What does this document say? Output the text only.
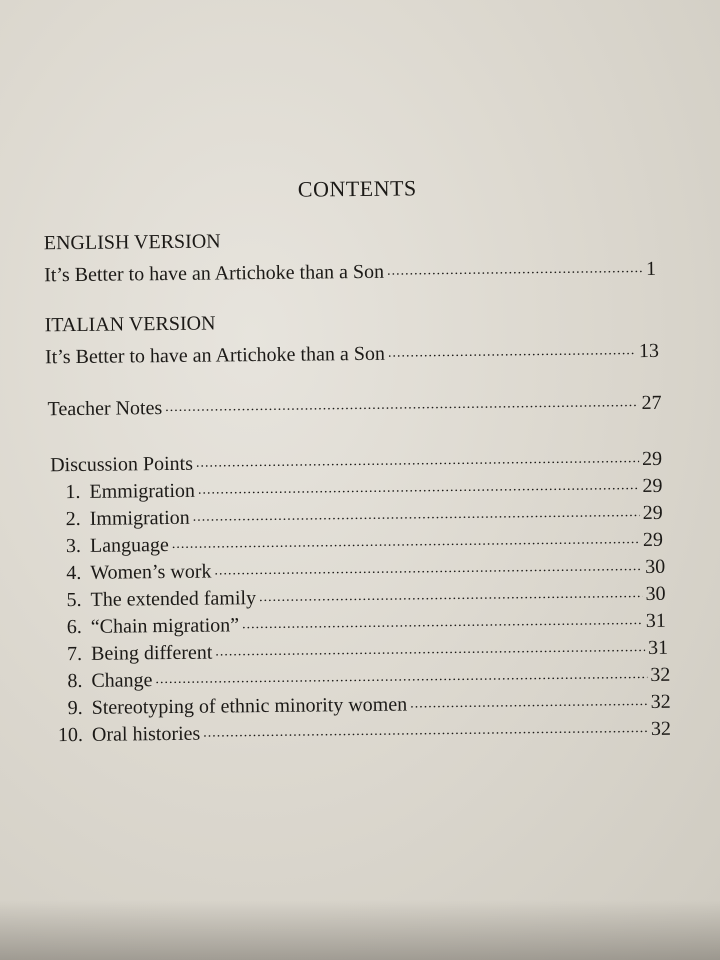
CONTENTS
ENGLISH VERSION
It’s Better to have an Artichoke than a Son .....	1
ITALIAN VERSION
It’s Better to have an Artichoke than a Son .....	13
Teacher Notes .....	27
Discussion Points .....	29
1. Emmigration .....	29
2. Immigration .....	29
3. Language .....	29
4. Women’s work .....	30
5. The extended family .....	30
6. “Chain migration” .....	31
7. Being different .....	31
8. Change .....	32
9. Stereotyping of ethnic minority women .....	32
10. Oral histories .....	32
